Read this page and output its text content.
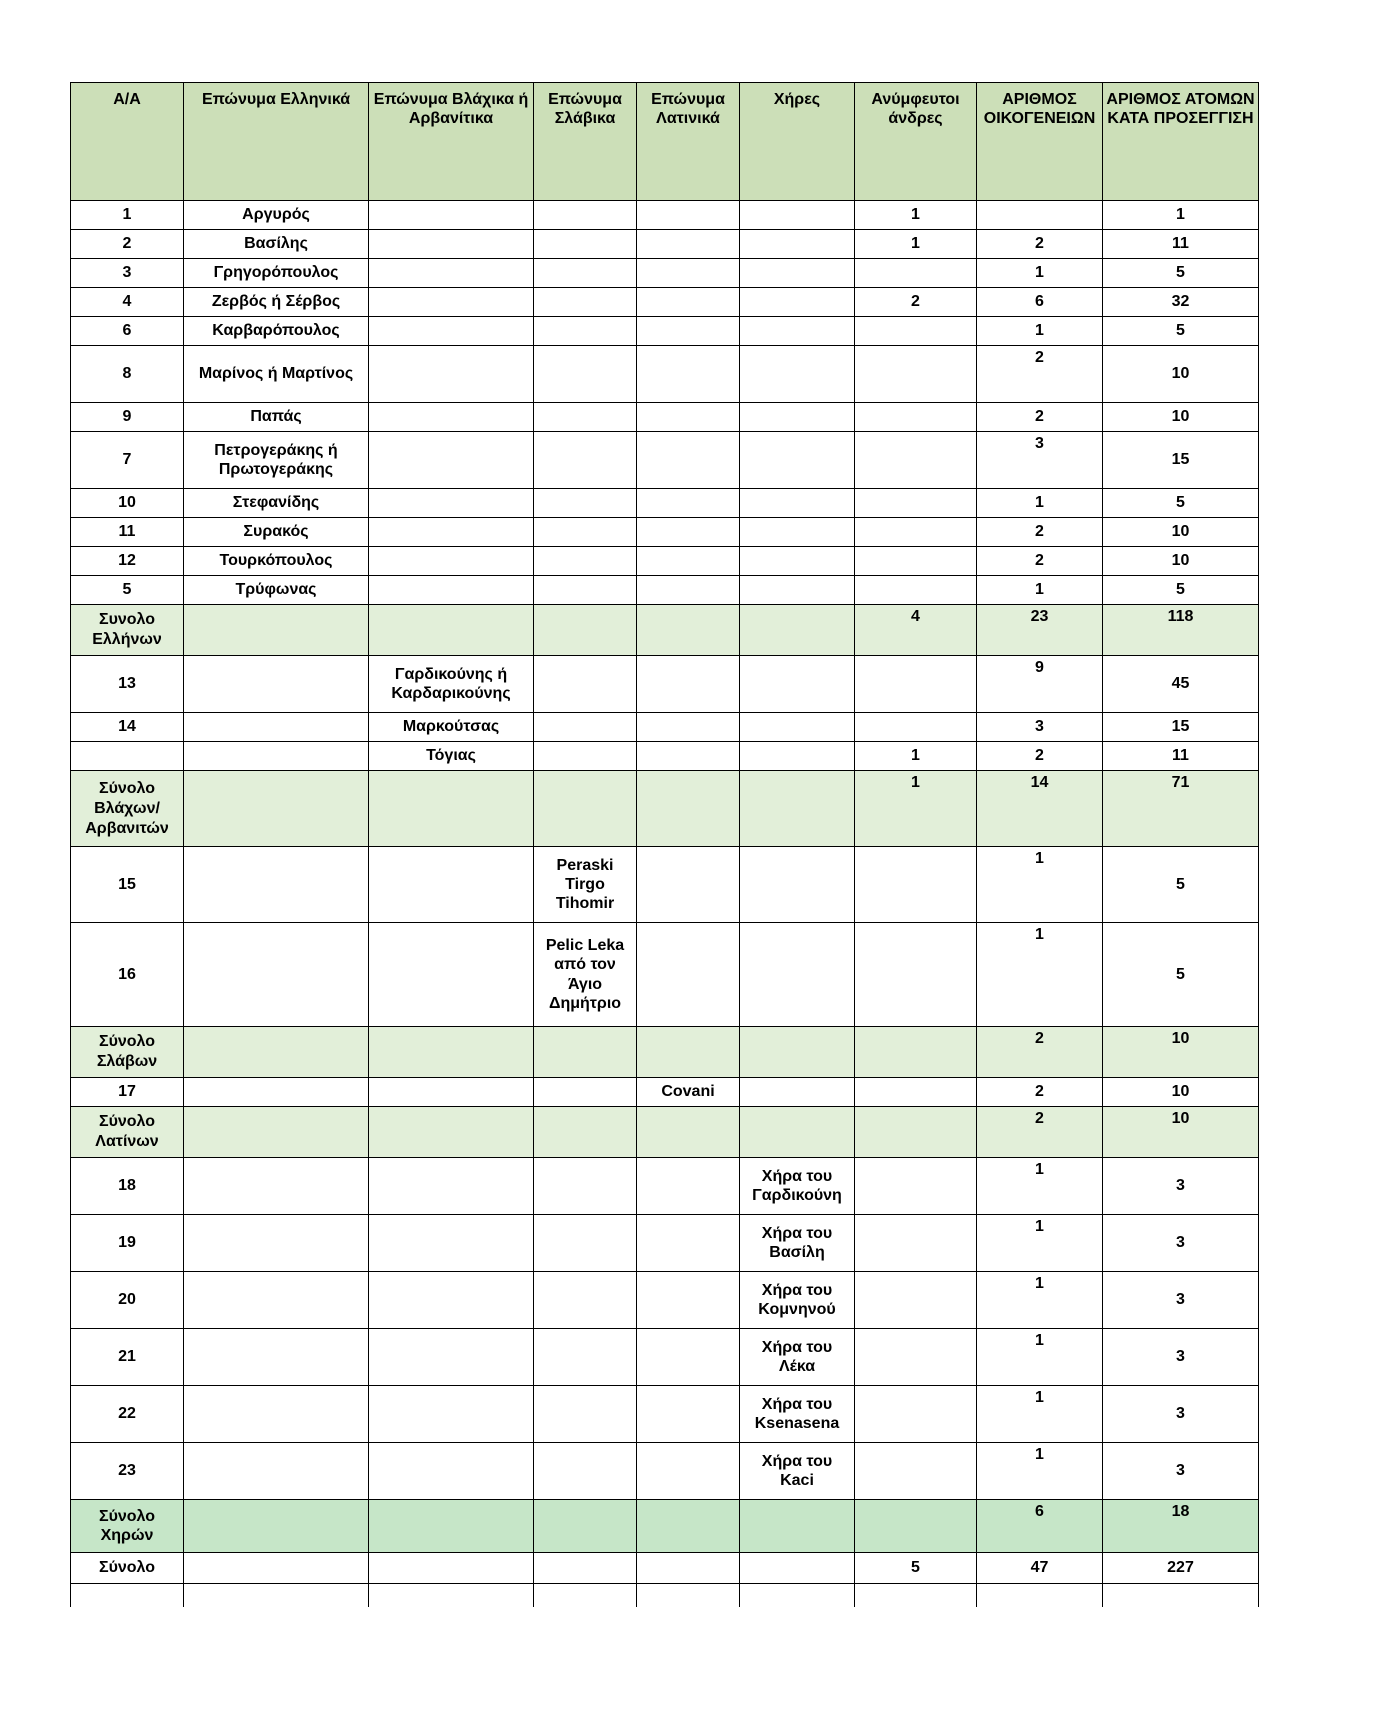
Α/Α	Επώνυμα Ελληνικά	Επώνυμα Βλάχικα ή Αρβανίτικα	Επώνυμα Σλάβικα	Επώνυμα Λατινικά	Χήρες	Ανύμφευτοι άνδρες	ΑΡΙΘΜΟΣ ΟΙΚΟΓΕΝΕΙΩΝ	ΑΡΙΘΜΟΣ ΑΤΟΜΩΝ ΚΑΤΑ ΠΡΟΣΕΓΓΙΣΗ
1	Αργυρός					1		1
2	Βασίλης					1	2	11
3	Γρηγορόπουλος						1	5
4	Ζερβός ή Σέρβος					2	6	32
6	Καρβαρόπουλος						1	5
8	Μαρίνος ή Μαρτίνος						2	10
9	Παπάς						2	10
7	Πετρογεράκης ή Πρωτογεράκης						3	15
10	Στεφανίδης						1	5
11	Συρακός						2	10
12	Τουρκόπουλος						2	10
5	Τρύφωνας						1	5
Συνολο Ελλήνων						4	23	118
13		Γαρδικούνης ή Καρδαρικούνης					9	45
14		Μαρκούτσας					3	15
		Τόγιας				1	2	11
Σύνολο Βλάχων/ Αρβανιτών						1	14	71
15			Peraski Tirgo Tihomir				1	5
16			Pelic Leka από τον Άγιο Δημήτριο				1	5
Σύνολο Σλάβων							2	10
17				Covani			2	10
Σύνολο Λατίνων							2	10
18					Χήρα του Γαρδικούνη		1	3
19					Χήρα του Βασίλη		1	3
20					Χήρα του Κομνηνού		1	3
21					Χήρα του Λέκα		1	3
22					Χήρα του Ksenasena		1	3
23					Χήρα του Kaci		1	3
Σύνολο Χηρών							6	18
Σύνολο						5	47	227
